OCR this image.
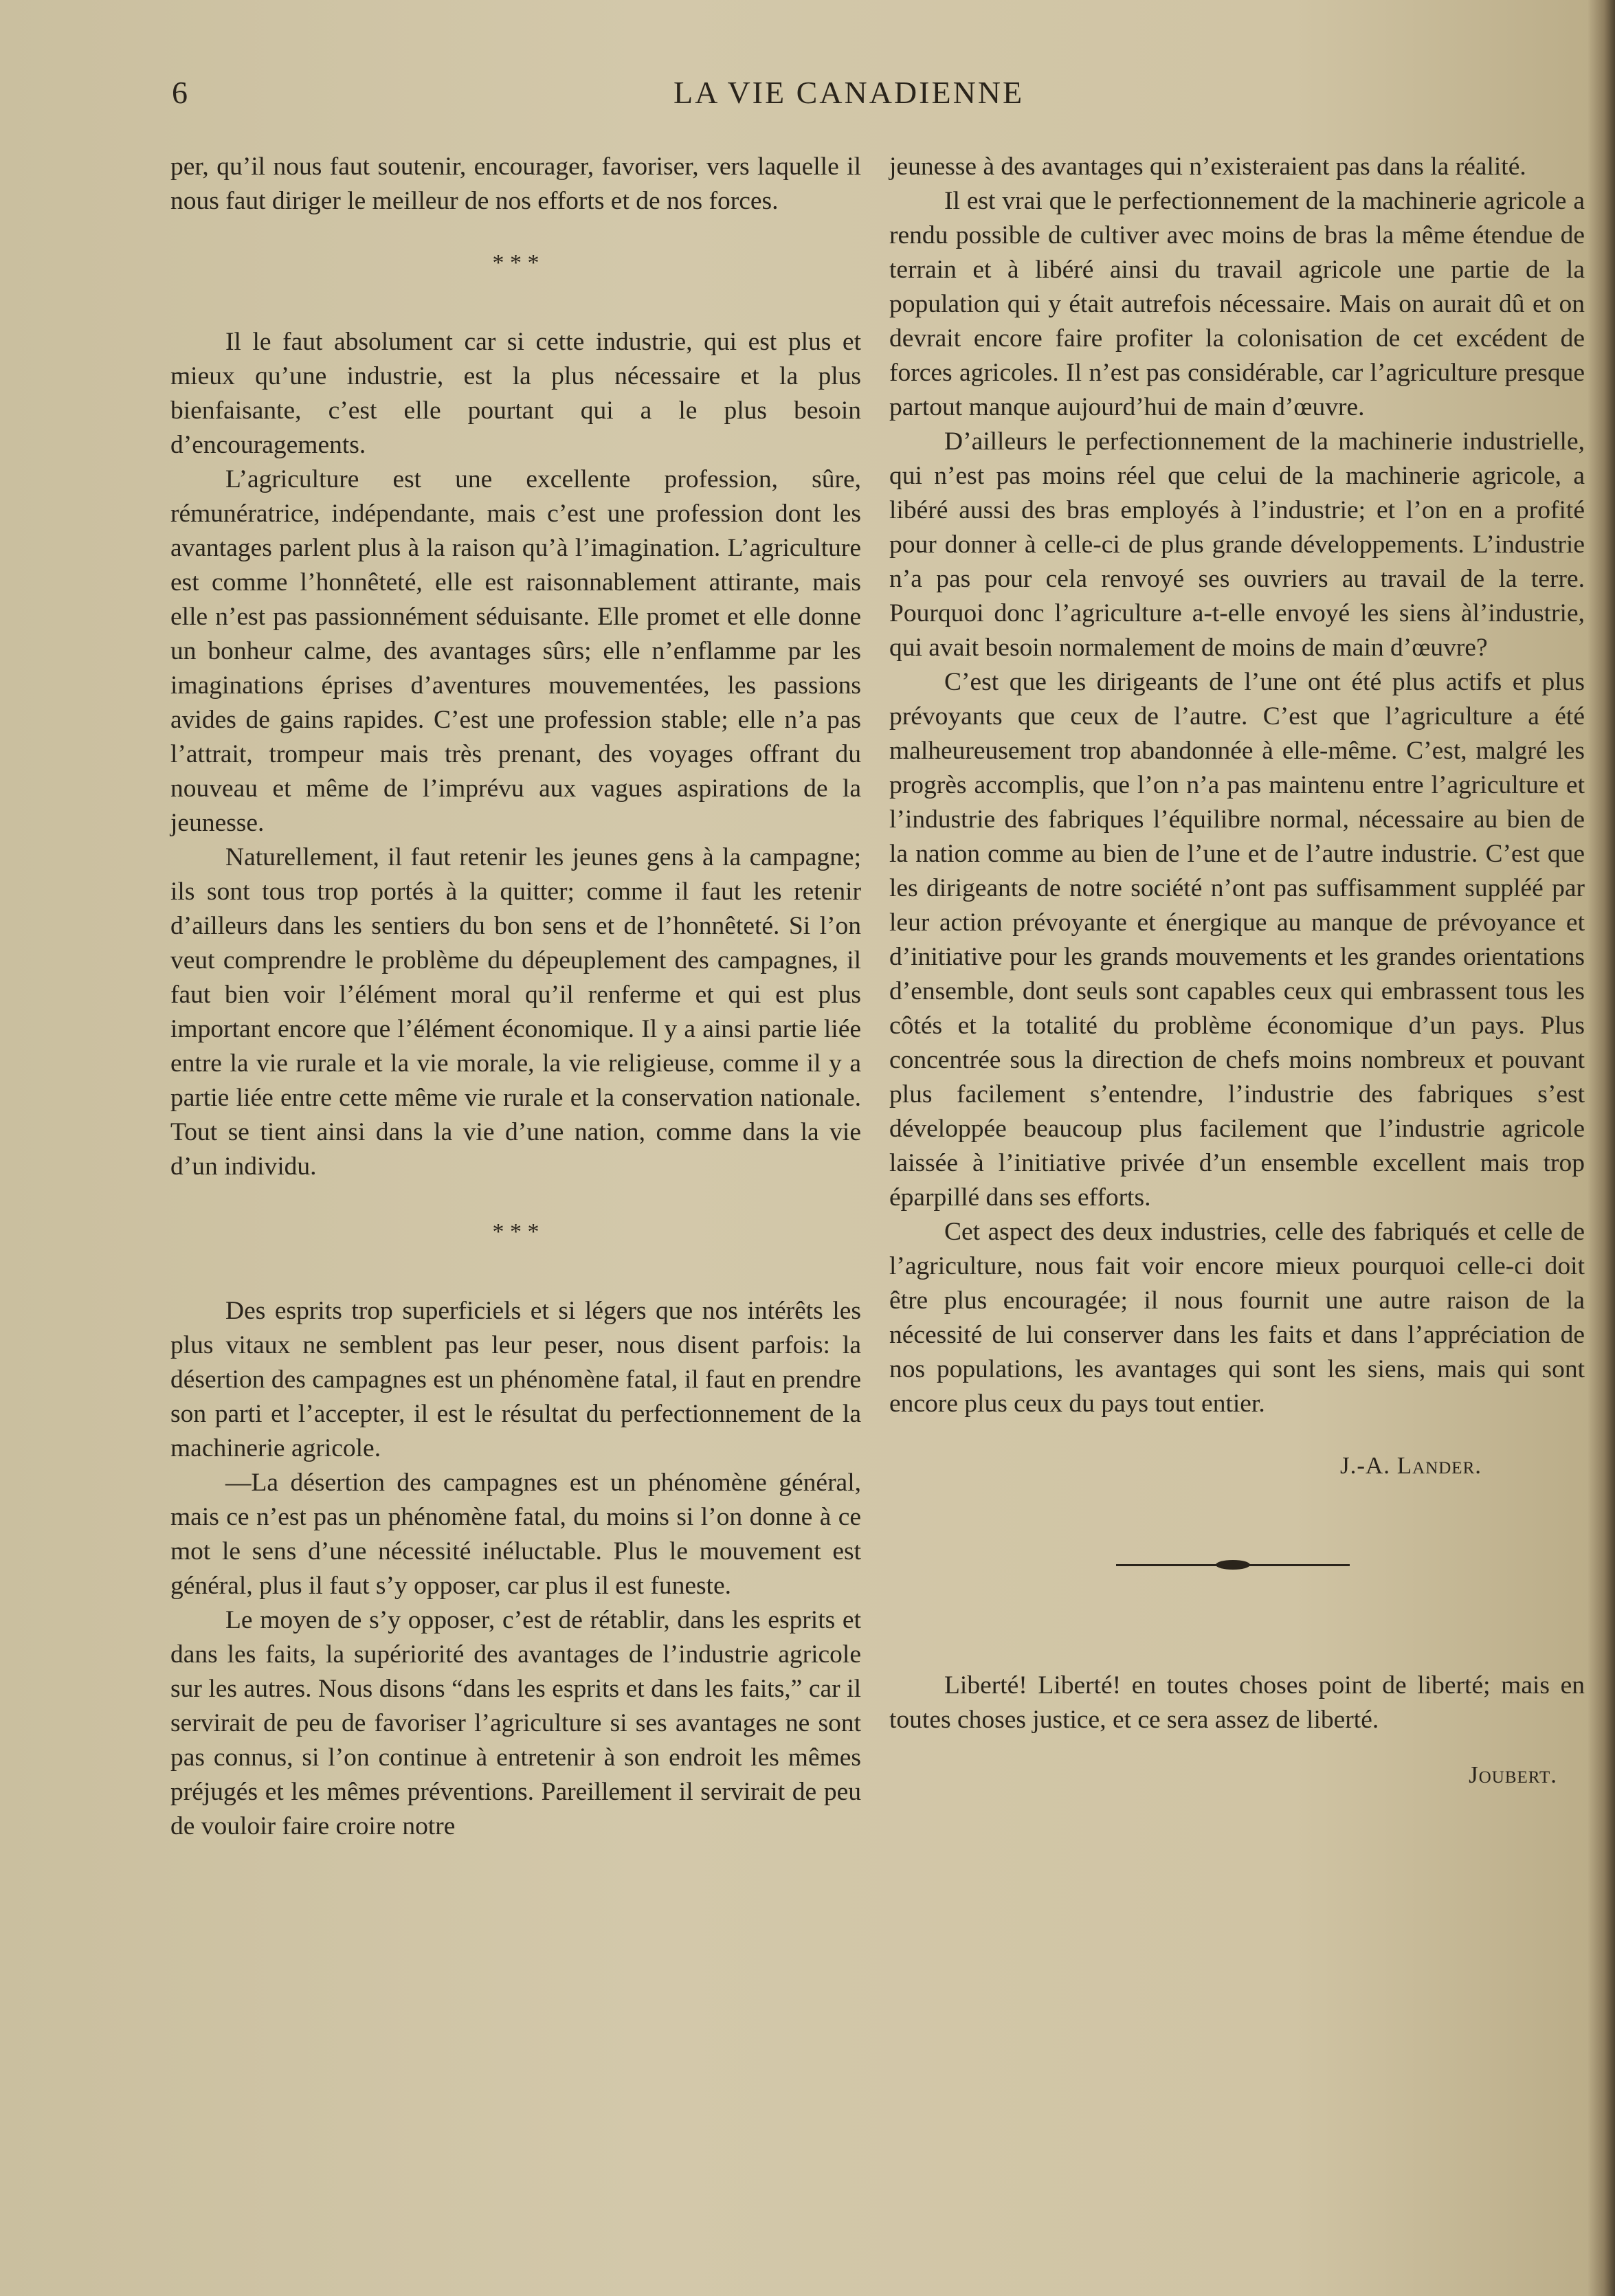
6	LA VIE CANADIENNE

per, qu’il nous faut soutenir, encourager, favoriser, vers laquelle il nous faut diriger le meilleur de nos efforts et de nos forces.

* * *

Il le faut absolument car si cette industrie, qui est plus et mieux qu’une industrie, est la plus nécessaire et la plus bienfaisante, c’est elle pourtant qui a le plus besoin d’encouragements.

L’agriculture est une excellente profession, sûre, rémunératrice, indépendante, mais c’est une profession dont les avantages parlent plus à la raison qu’à l’imagination. L’agriculture est comme l’honnêteté, elle est raisonnablement attirante, mais elle n’est pas passionnément séduisante. Elle promet et elle donne un bonheur calme, des avantages sûrs; elle n’enflamme par les imaginations éprises d’aventures mouvementées, les passions avides de gains rapides. C’est une profession stable; elle n’a pas l’attrait, trompeur mais très prenant, des voyages offrant du nouveau et même de l’imprévu aux vagues aspirations de la jeunesse.

Naturellement, il faut retenir les jeunes gens à la campagne; ils sont tous trop portés à la quitter; comme il faut les retenir d’ailleurs dans les sentiers du bon sens et de l’honnêteté. Si l’on veut comprendre le problème du dépeuplement des campagnes, il faut bien voir l’élément moral qu’il renferme et qui est plus important encore que l’élément économique. Il y a ainsi partie liée entre la vie rurale et la vie morale, la vie religieuse, comme il y a partie liée entre cette même vie rurale et la conservation nationale. Tout se tient ainsi dans la vie d’une nation, comme dans la vie d’un individu.

* * *

Des esprits trop superficiels et si légers que nos intérêts les plus vitaux ne semblent pas leur peser, nous disent parfois: la désertion des campagnes est un phénomène fatal, il faut en prendre son parti et l’accepter, il est le résultat du perfectionnement de la machinerie agricole.

—La désertion des campagnes est un phénomène général, mais ce n’est pas un phénomène fatal, du moins si l’on donne à ce mot le sens d’une nécessité inéluctable. Plus le mouvement est général, plus il faut s’y opposer, car plus il est funeste.

Le moyen de s’y opposer, c’est de rétablir, dans les esprits et dans les faits, la supériorité des avantages de l’industrie agricole sur les autres. Nous disons “dans les esprits et dans les faits,” car il servirait de peu de favoriser l’agriculture si ses avantages ne sont pas connus, si l’on continue à entretenir à son endroit les mêmes préjugés et les mêmes préventions. Pareillement il servirait de peu de vouloir faire croire notre

jeunesse à des avantages qui n’existeraient pas dans la réalité.

Il est vrai que le perfectionnement de la machinerie agricole a rendu possible de cultiver avec moins de bras la même étendue de terrain et à libéré ainsi du travail agricole une partie de la population qui y était autrefois nécessaire. Mais on aurait dû et on devrait encore faire profiter la colonisation de cet excédent de forces agricoles. Il n’est pas considérable, car l’agriculture presque partout manque aujourd’hui de main d’œuvre.

D’ailleurs le perfectionnement de la machinerie industrielle, qui n’est pas moins réel que celui de la machinerie agricole, a libéré aussi des bras employés à l’industrie; et l’on en a profité pour donner à celle-ci de plus grande développements. L’industrie n’a pas pour cela renvoyé ses ouvriers au travail de la terre. Pourquoi donc l’agriculture a-t-elle envoyé les siens àl’industrie, qui avait besoin normalement de moins de main d’œuvre?

C’est que les dirigeants de l’une ont été plus actifs et plus prévoyants que ceux de l’autre. C’est que l’agriculture a été malheureusement trop abandonnée à elle-même. C’est, malgré les progrès accomplis, que l’on n’a pas maintenu entre l’agriculture et l’industrie des fabriques l’équilibre normal, nécessaire au bien de la nation comme au bien de l’une et de l’autre industrie. C’est que les dirigeants de notre société n’ont pas suffisamment suppléé par leur action prévoyante et énergique au manque de prévoyance et d’initiative pour les grands mouvements et les grandes orientations d’ensemble, dont seuls sont capables ceux qui embrassent tous les côtés et la totalité du problème économique d’un pays. Plus concentrée sous la direction de chefs moins nombreux et pouvant plus facilement s’entendre, l’industrie des fabriques s’est développée beaucoup plus facilement que l’industrie agricole laissée à l’initiative privée d’un ensemble excellent mais trop éparpillé dans ses efforts.

Cet aspect des deux industries, celle des fabriqués et celle de l’agriculture, nous fait voir encore mieux pourquoi celle-ci doit être plus encouragée; il nous fournit une autre raison de la nécessité de lui conserver dans les faits et dans l’appréciation de nos populations, les avantages qui sont les siens, mais qui sont encore plus ceux du pays tout entier.

J.-A. Lander.

Liberté! Liberté! en toutes choses point de liberté; mais en toutes choses justice, et ce sera assez de liberté.

Joubert.
